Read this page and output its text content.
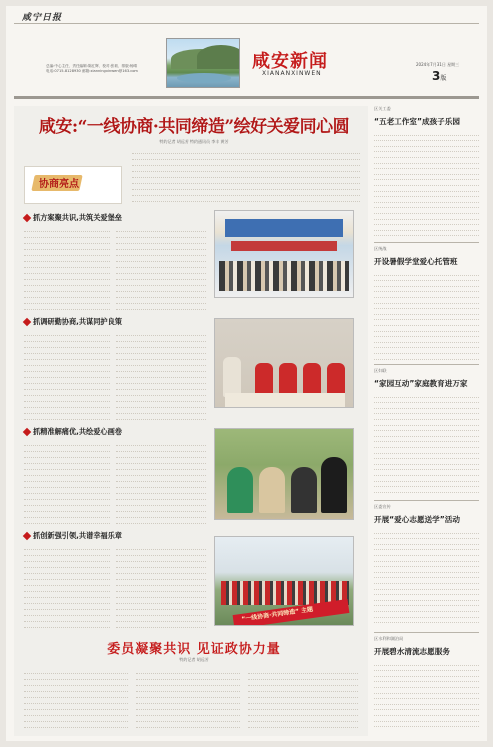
咸宁日报
总编:中心主任、责任编辑:陈红辉、校对:张莉、排版:杨晴
电话:0715-8128930 邮箱:xianningxinwen@163.com	咸安新闻
XIANANXINWEN
2024年7月31日 星期三
3版
咸安:“一线协商·共同缔造”绘好关爱同心圆
特约记者 胡远芳 特约通讯员 李丰 黄芳
协商亮点
抓方案聚共识,共筑关爱堡垒
抓调研勤协商,共谋同护良策
抓精准解痛优,共绘爱心画卷
抓创新强引领,共谱幸福乐章
“一线协商·共同缔造” 主题
委员凝聚共识 见证政协力量
特约记者 胡远芳
区关工委
“五老工作室”成孩子乐园
区统战
开设暑假学堂爱心托管班
区妇联
“家园互动”家庭教育进万家
区委宣传
开展“爱心志愿送学”活动
区水利和湖泊局
开展碧水清流志愿服务
